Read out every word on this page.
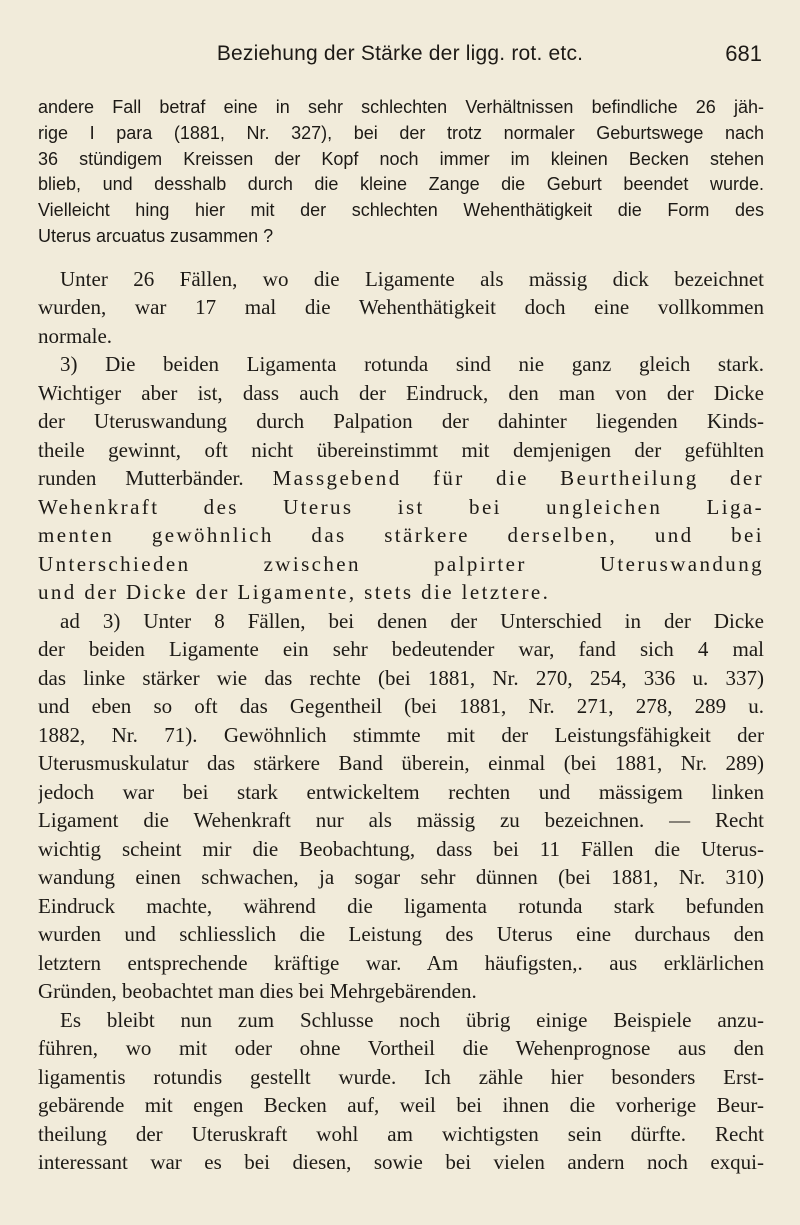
Beziehung der Stärke der ligg. rot. etc.	681
andere Fall betraf eine in sehr schlechten Verhältnissen befindliche 26 jäh-
rige I para (1881, Nr. 327), bei der trotz normaler Geburtswege nach
36 stündigem Kreissen der Kopf noch immer im kleinen Becken stehen
blieb, und desshalb durch die kleine Zange die Geburt beendet wurde.
Vielleicht hing hier mit der schlechten Wehenthätigkeit die Form des
Uterus arcuatus zusammen ?
Unter 26 Fällen, wo die Ligamente als mässig dick bezeichnet
wurden, war 17 mal die Wehenthätigkeit doch eine vollkommen
normale.
3) Die beiden Ligamenta rotunda sind nie ganz gleich stark.
Wichtiger aber ist, dass auch der Eindruck, den man von der Dicke
der Uteruswandung durch Palpation der dahinter liegenden Kinds-
theile gewinnt, oft nicht übereinstimmt mit demjenigen der gefühlten
runden Mutterbänder. Massgebend für die Beurtheilung der
Wehenkraft des Uterus ist bei ungleichen Liga-
menten gewöhnlich das stärkere derselben, und bei
Unterschieden zwischen palpirter Uteruswandung
und der Dicke der Ligamente, stets die letztere.
ad 3) Unter 8 Fällen, bei denen der Unterschied in der Dicke
der beiden Ligamente ein sehr bedeutender war, fand sich 4 mal
das linke stärker wie das rechte (bei 1881, Nr. 270, 254, 336 u. 337)
und eben so oft das Gegentheil (bei 1881, Nr. 271, 278, 289 u.
1882, Nr. 71). Gewöhnlich stimmte mit der Leistungsfähigkeit der
Uterusmuskulatur das stärkere Band überein, einmal (bei 1881, Nr. 289)
jedoch war bei stark entwickeltem rechten und mässigem linken
Ligament die Wehenkraft nur als mässig zu bezeichnen. — Recht
wichtig scheint mir die Beobachtung, dass bei 11 Fällen die Uterus-
wandung einen schwachen, ja sogar sehr dünnen (bei 1881, Nr. 310)
Eindruck machte, während die ligamenta rotunda stark befunden
wurden und schliesslich die Leistung des Uterus eine durchaus den
letztern entsprechende kräftige war. Am häufigsten,. aus erklärlichen
Gründen, beobachtet man dies bei Mehrgebärenden.
Es bleibt nun zum Schlusse noch übrig einige Beispiele anzu-
führen, wo mit oder ohne Vortheil die Wehenprognose aus den
ligamentis rotundis gestellt wurde. Ich zähle hier besonders Erst-
gebärende mit engen Becken auf, weil bei ihnen die vorherige Beur-
theilung der Uteruskraft wohl am wichtigsten sein dürfte. Recht
interessant war es bei diesen, sowie bei vielen andern noch exqui-
